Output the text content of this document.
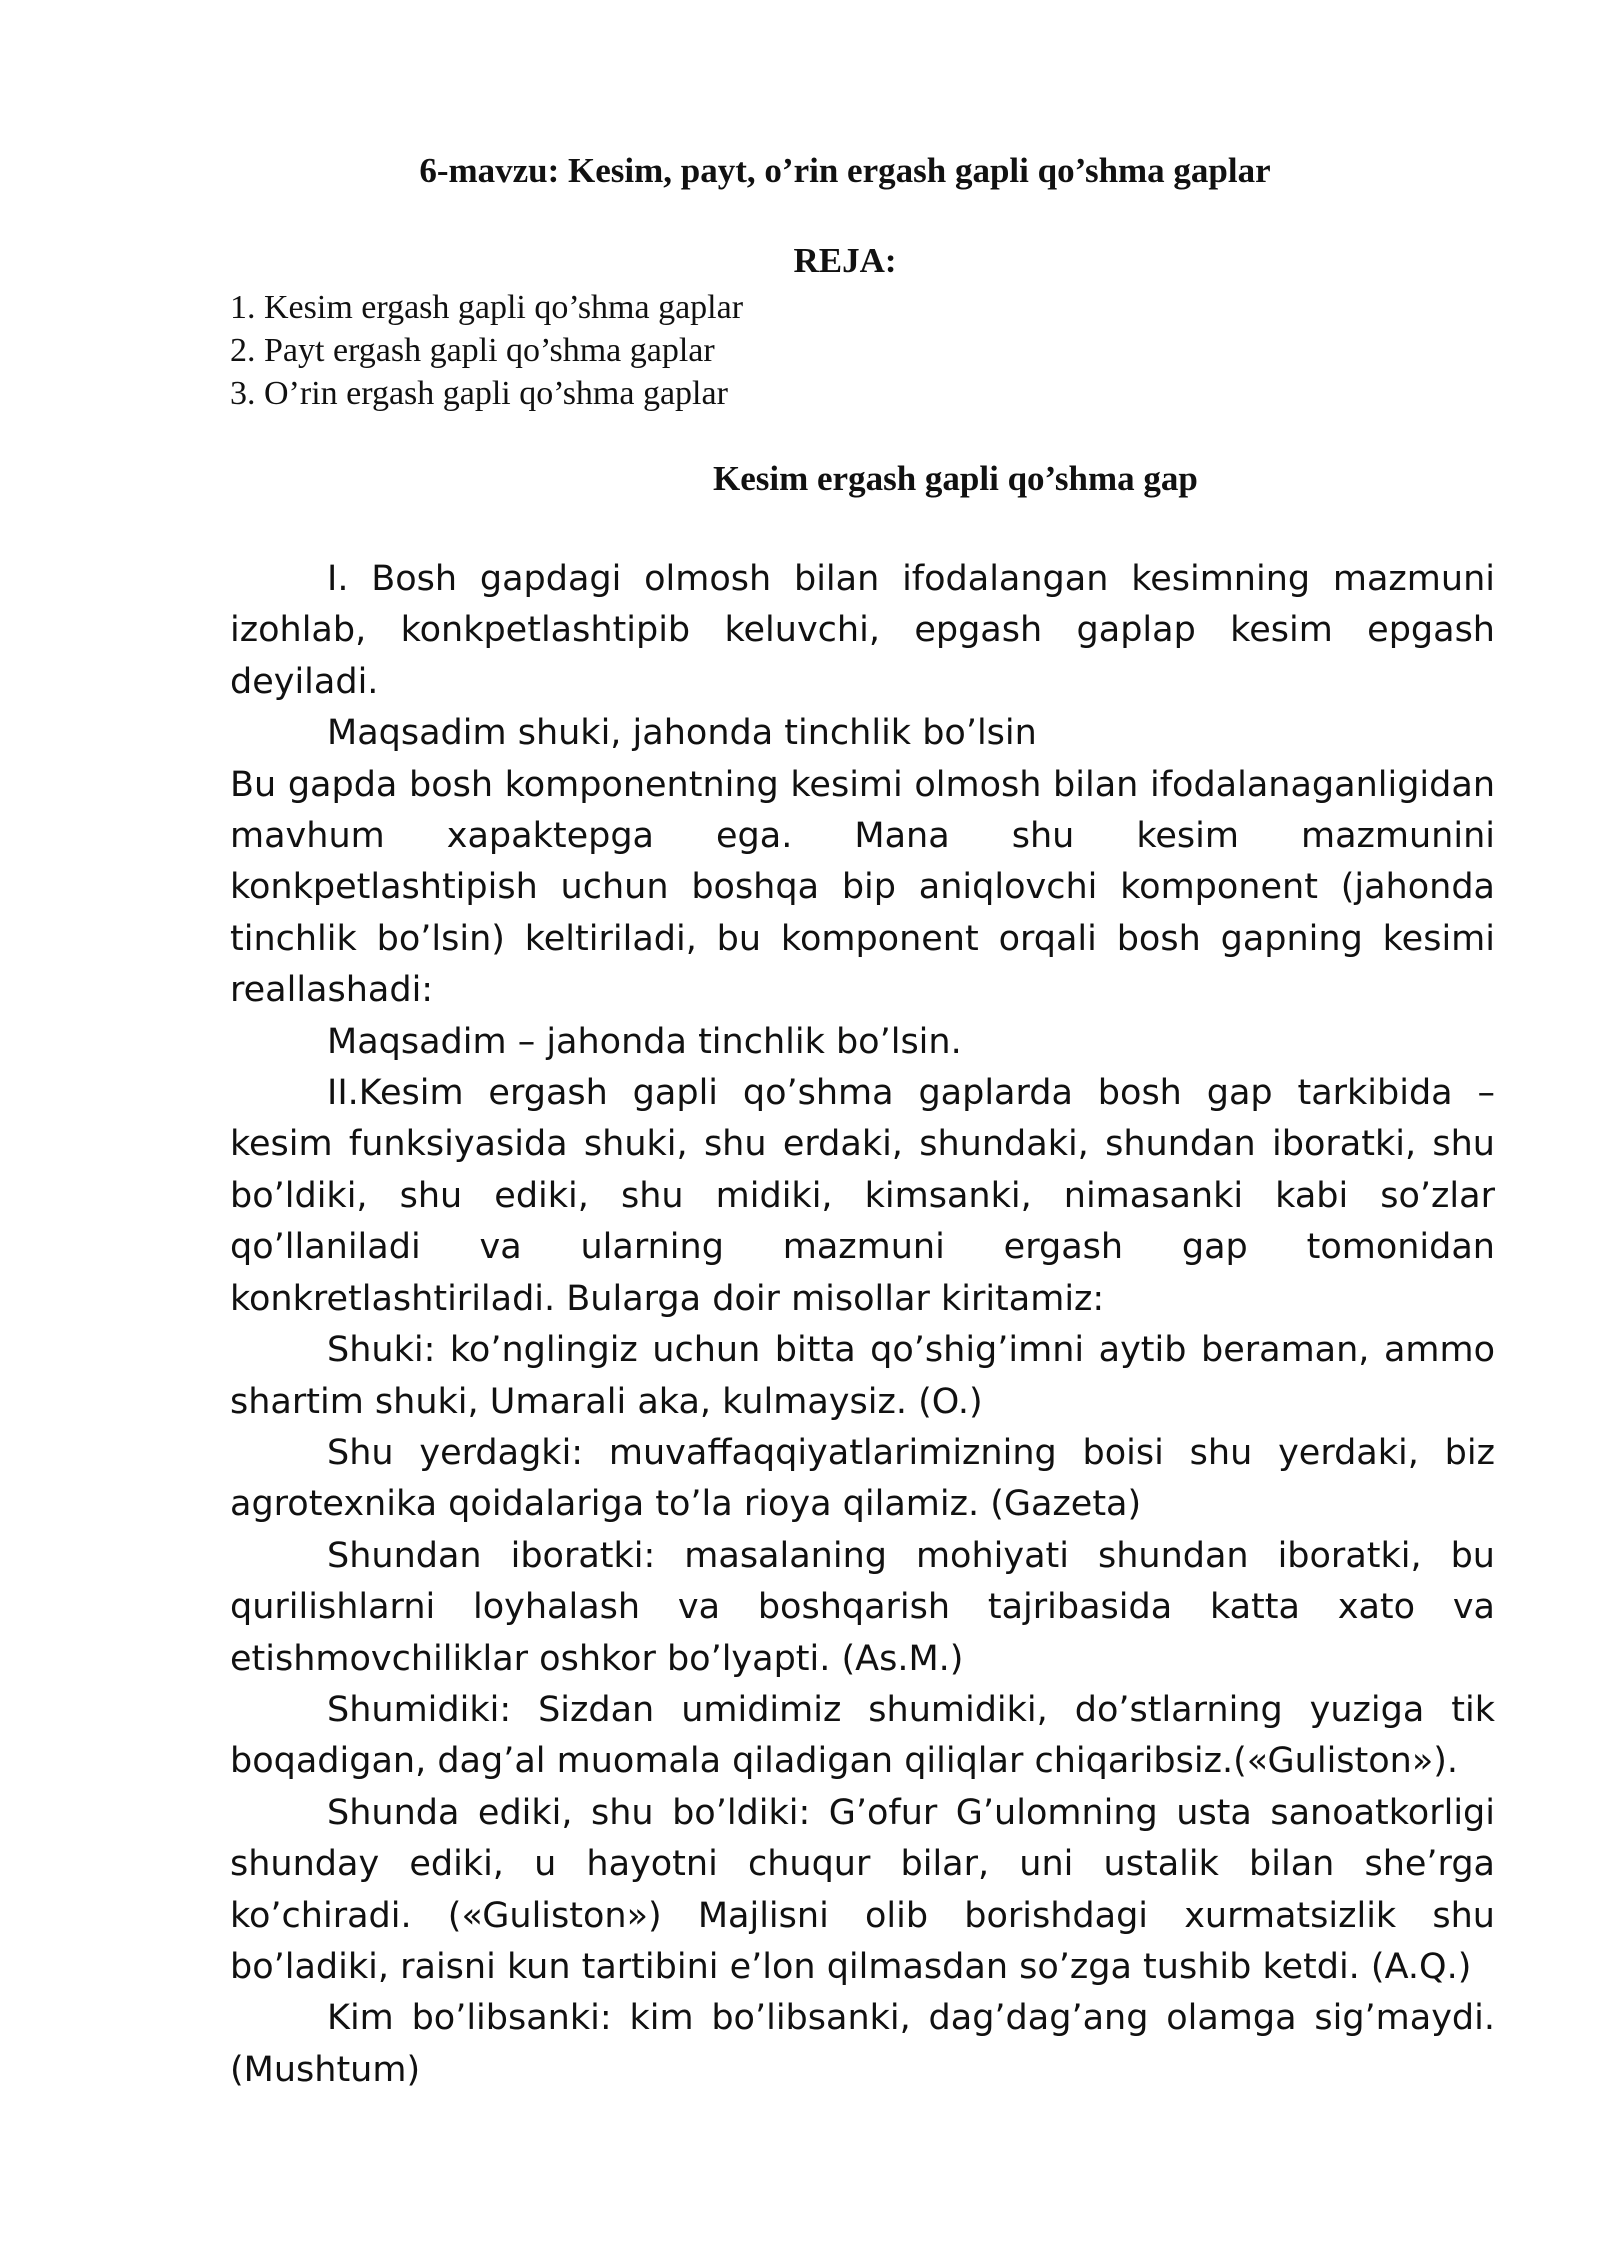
6-mavzu: Kesim, payt, o’rin ergash gapli qo’shma gaplar
REJA:
1. Kesim ergash gapli qo’shma gaplar
2. Payt ergash gapli qo’shma gaplar
3. O’rin ergash gapli qo’shma gaplar
Kesim ergash gapli qo’shma gap

I. Bosh gapdagi olmosh bilan ifodalangan kesimning mazmuni izohlab, konkpetlashtipib keluvchi, epgash gaplap kesim epgash deyiladi.

Maqsadim shuki, jahonda tinchlik bo’lsin

Bu gapda bosh komponentning kesimi olmosh bilan ifodalanaganligidan mavhum xapaktepga ega. Mana shu kesim mazmunini konkpetlashtipish uchun boshqa bip aniqlovchi komponent (jahonda tinchlik bo’lsin) keltiriladi, bu komponent orqali bosh gapning kesimi reallashadi:

Maqsadim – jahonda tinchlik bo’lsin.

II.Kesim ergash gapli qo’shma gaplarda bosh gap tarkibida – kesim funksiyasida shuki, shu erdaki, shundaki, shundan iboratki, shu bo’ldiki, shu ediki, shu midiki, kimsanki, nimasanki kabi so’zlar qo’llaniladi va ularning mazmuni ergash gap tomonidan konkretlashtiriladi. Bularga doir misollar kiritamiz:

Shuki: ko’nglingiz uchun bitta qo’shig’imni aytib beraman, ammo shartim shuki, Umarali aka, kulmaysiz. (O.)

Shu уerdagki: muvaffaqqiyatlarimizning boisi shu уerdaki, biz agrotexnika qoidalariga to’la rioya qilamiz. (Gazeta)

Shundan iboratki: masalaning mohiyati shundan iboratki, bu qurilishlarni loyhalash va boshqarish tajribasida katta xato va etishmovchiliklar oshkor bo’lyapti. (As.M.)

Shumidiki: Sizdan umidimiz shumidiki, do’stlarning yuziga tik boqadigan, dag’al muomalа qiladigan qiliqlar chiqaribsiz.(«Guliston»).

Shunda ediki, shu bo’ldiki: G’ofur G’ulomning usta sanoatkorligi shunday ediki, u hayotni chuqur bilar, uni ustalik bilan she’rga ko’chiradi. («Guliston») Majlisni olib borishdagi xurmatsizlik shu bo’ladiki, raisni kun tartibini e’lon qilmasdan so’zga tushib ketdi. (A.Q.)

Kim bo’libsanki: kim bo’libsanki, dag’dag’ang olamga sig’maydi. (Mushtum)
